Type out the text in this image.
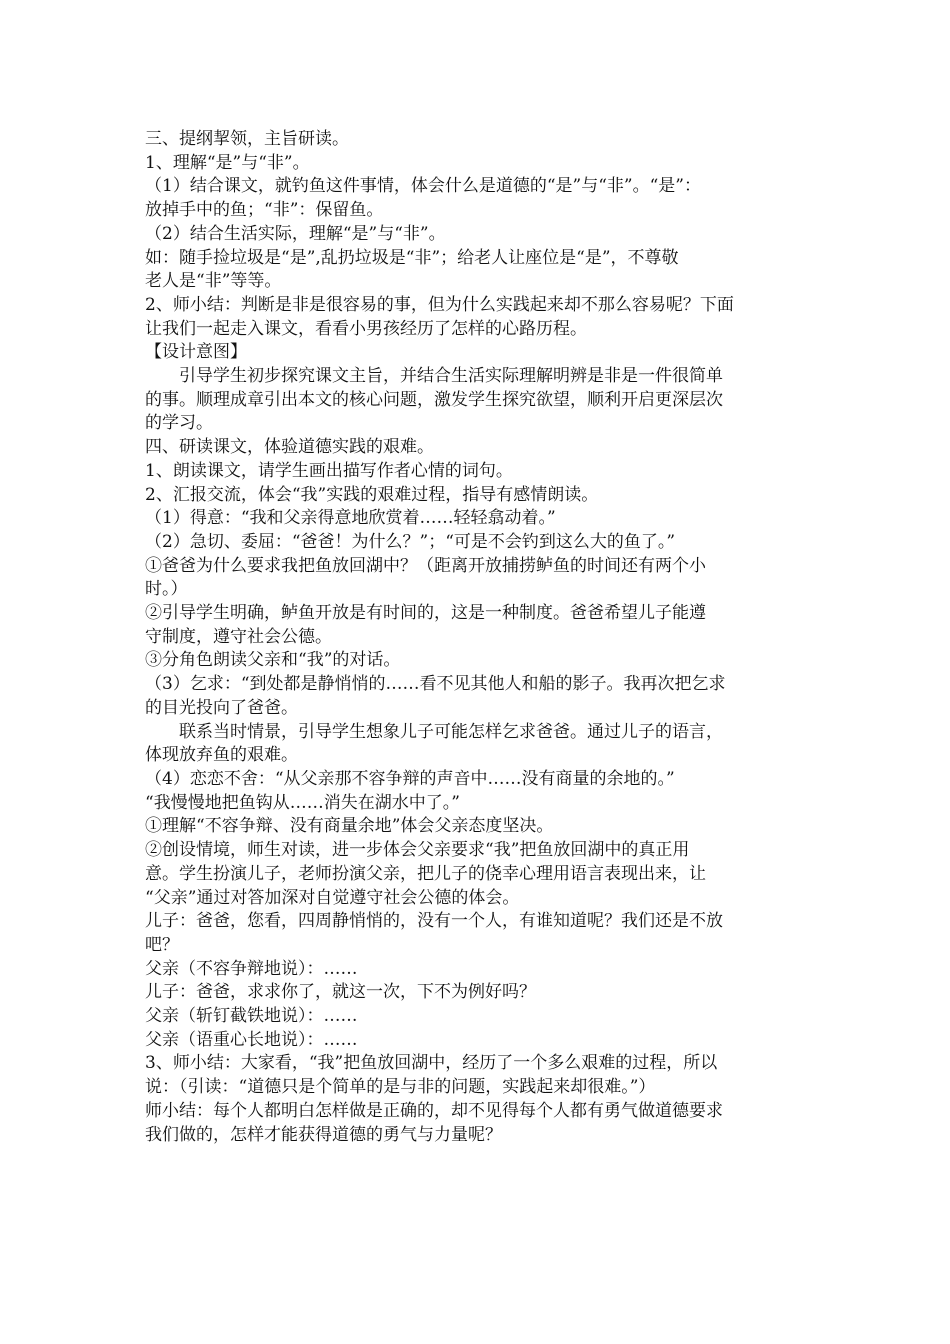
三、提纲挈领，主旨研读。

1、理解“是”与“非”。

（1）结合课文，就钓鱼这件事情，体会什么是道德的“是”与“非”。“是”：

放掉手中的鱼；“非”：保留鱼。

（2）结合生活实际，理解“是”与“非”。

如：随手捡垃圾是“是”,乱扔垃圾是“非”；给老人让座位是“是”，不尊敬

老人是“非”等等。

2、师小结：判断是非是很容易的事，但为什么实践起来却不那么容易呢？下面

让我们一起走入课文，看看小男孩经历了怎样的心路历程。

【设计意图】

引导学生初步探究课文主旨，并结合生活实际理解明辨是非是一件很简单

的事。顺理成章引出本文的核心问题，激发学生探究欲望，顺利开启更深层次

的学习。

四、研读课文，体验道德实践的艰难。

1、朗读课文，请学生画出描写作者心情的词句。

2、汇报交流，体会“我”实践的艰难过程，指导有感情朗读。

（1）得意：“我和父亲得意地欣赏着……轻轻翕动着。”

（2）急切、委屈：“爸爸！为什么？”；“可是不会钓到这么大的鱼了。”

①爸爸为什么要求我把鱼放回湖中？（距离开放捕捞鲈鱼的时间还有两个小

时。）

②引导学生明确，鲈鱼开放是有时间的，这是一种制度。爸爸希望儿子能遵

守制度，遵守社会公德。

③分角色朗读父亲和“我”的对话。

（3）乞求：“到处都是静悄悄的……看不见其他人和船的影子。我再次把乞求

的目光投向了爸爸。

联系当时情景，引导学生想象儿子可能怎样乞求爸爸。通过儿子的语言，

体现放弃鱼的艰难。

（4）恋恋不舍：“从父亲那不容争辩的声音中……没有商量的余地的。”

“我慢慢地把鱼钩从……消失在湖水中了。”

①理解“不容争辩、没有商量余地”体会父亲态度坚决。

②创设情境，师生对读，进一步体会父亲要求“我”把鱼放回湖中的真正用

意。学生扮演儿子，老师扮演父亲，把儿子的侥幸心理用语言表现出来，让

“父亲”通过对答加深对自觉遵守社会公德的体会。

儿子：爸爸，您看，四周静悄悄的，没有一个人，有谁知道呢？我们还是不放

吧？

父亲（不容争辩地说）：……

儿子：爸爸，求求你了，就这一次，下不为例好吗？

父亲（斩钉截铁地说）：……

父亲（语重心长地说）：……

3、师小结：大家看，“我”把鱼放回湖中，经历了一个多么艰难的过程，所以

说：（引读：“道德只是个简单的是与非的问题，实践起来却很难。”）

师小结：每个人都明白怎样做是正确的，却不见得每个人都有勇气做道德要求

我们做的，怎样才能获得道德的勇气与力量呢？
